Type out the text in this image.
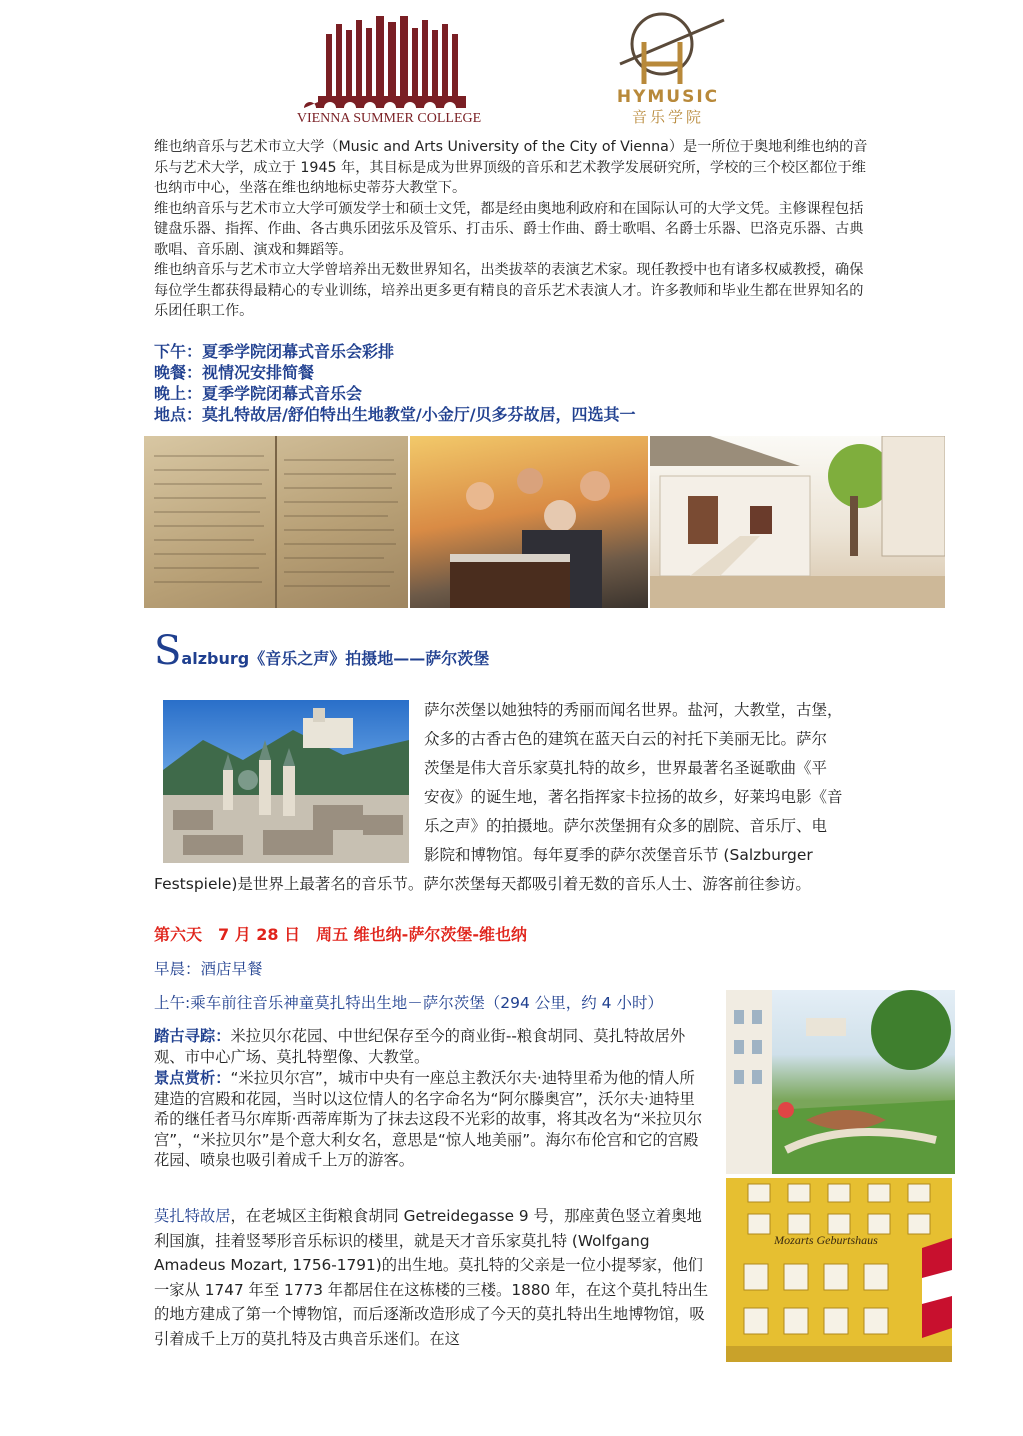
VIENNA SUMMER COLLEGE
HYMUSIC
音乐学院

维也纳音乐与艺术市立大学（Music and Arts University of the City of Vienna）是一所位于奥地利维也纳的音乐与艺术大学，成立于 1945 年，其目标是成为世界顶级的音乐和艺术教学发展研究所，学校的三个校区都位于维也纳市中心，坐落在维也纳地标史蒂芬大教堂下。

维也纳音乐与艺术市立大学可颁发学士和硕士文凭，都是经由奥地利政府和在国际认可的大学文凭。主修课程包括键盘乐器、指挥、作曲、各古典乐团弦乐及管乐、打击乐、爵士作曲、爵士歌唱、名爵士乐器、巴洛克乐器、古典歌唱、音乐剧、演戏和舞蹈等。

维也纳音乐与艺术市立大学曾培养出无数世界知名，出类拔萃的表演艺术家。现任教授中也有诸多权威教授，确保每位学生都获得最精心的专业训练，培养出更多更有精良的音乐艺术表演人才。许多教师和毕业生都在世界知名的乐团任职工作。

下午：夏季学院闭幕式音乐会彩排
晚餐：视情况安排简餐
晚上：夏季学院闭幕式音乐会
地点：莫扎特故居/舒伯特出生地教堂/小金厅/贝多芬故居，四选其一
Salzburg《音乐之声》拍摄地——萨尔茨堡
萨尔茨堡以她独特的秀丽而闻名世界。盐河，大教堂，古堡，
众多的古香古色的建筑在蓝天白云的衬托下美丽无比。萨尔
茨堡是伟大音乐家莫扎特的故乡，世界最著名圣诞歌曲《平
安夜》的诞生地，著名指挥家卡拉扬的故乡，好莱坞电影《音
乐之声》的拍摄地。萨尔茨堡拥有众多的剧院、音乐厅、电
影院和博物馆。每年夏季的萨尔茨堡音乐节 (Salzburger
Festspiele)是世界上最著名的音乐节。萨尔茨堡每天都吸引着无数的音乐人士、游客前往参访。
第六天　7 月 28 日　周五 维也纳-萨尔茨堡-维也纳
早晨：酒店早餐
上午:乘车前往音乐神童莫扎特出生地－萨尔茨堡（294 公里，约 4 小时）
踏古寻踪：米拉贝尔花园、中世纪保存至今的商业街--粮食胡同、莫扎特故居外观、市中心广场、莫扎特塑像、大教堂。
景点赏析：“米拉贝尔宫”，城市中央有一座总主教沃尔夫·迪特里希为他的情人所建造的宫殿和花园，当时以这位情人的名字命名为“阿尔滕奥宫”，沃尔夫·迪特里希的继任者马尔库斯·西蒂库斯为了抹去这段不光彩的故事，将其改名为“米拉贝尔宫”，“米拉贝尔”是个意大利女名，意思是“惊人地美丽”。海尔布伦宫和它的宫殿花园、喷泉也吸引着成千上万的游客。
莫扎特故居，在老城区主街粮食胡同 Getreidegasse 9 号，那座黄色竖立着奥地利国旗，挂着竖琴形音乐标识的楼里，就是天才音乐家莫扎特 (Wolfgang Amadeus Mozart, 1756-1791)的出生地。莫扎特的父亲是一位小提琴家，他们一家从 1747 年至 1773 年都居住在这栋楼的三楼。1880 年，在这个莫扎特出生的地方建成了第一个博物馆，而后逐渐改造形成了今天的莫扎特出生地博物馆，吸引着成千上万的莫扎特及古典音乐迷们。在这
Mozarts Geburtshaus
